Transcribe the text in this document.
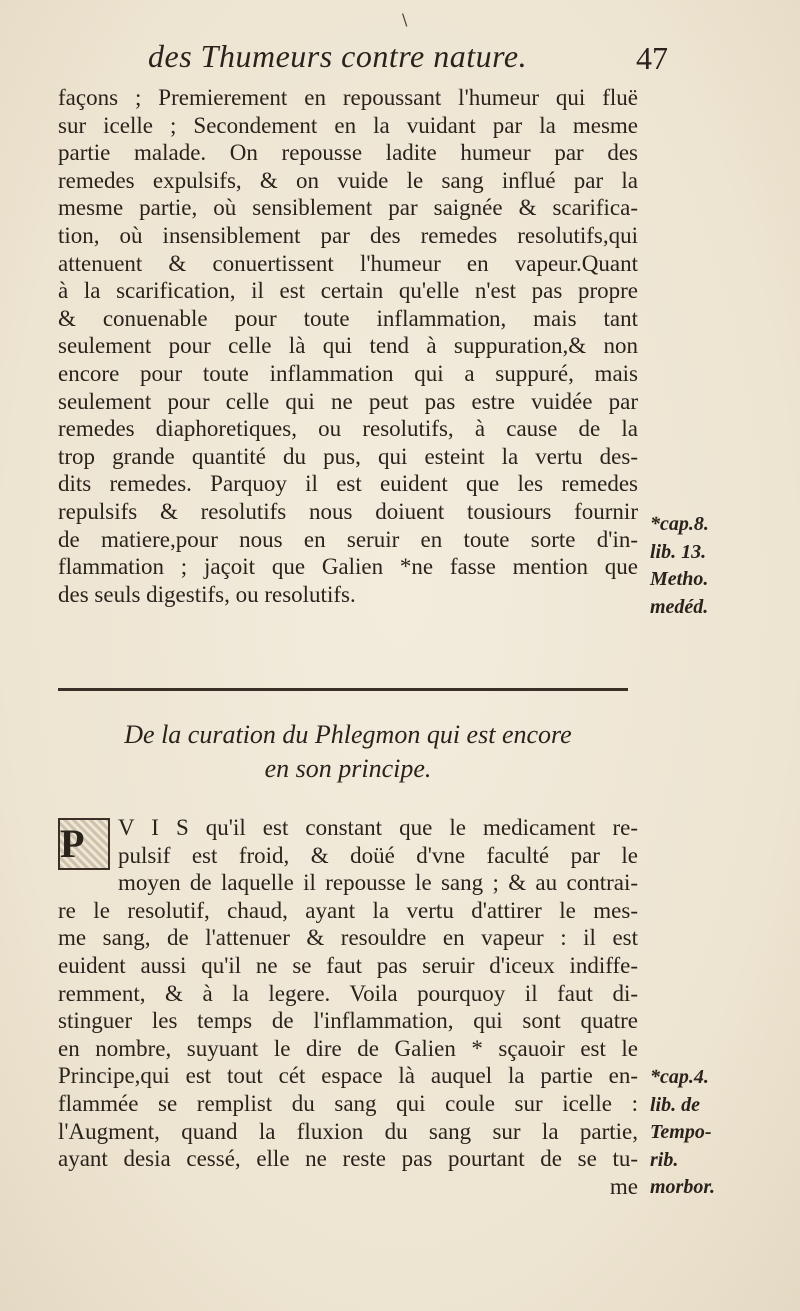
\
des Thumeurs contre nature.	47
façons ; Premierement en repoussant l'humeur qui fluë
sur icelle ; Secondement en la vuidant par la mesme
partie malade. On repousse ladite humeur par des
remedes expulsifs, & on vuide le sang influé par la
mesme partie, où sensiblement par saignée & scarifica-
tion, où insensiblement par des remedes resolutifs,qui
attenuent & conuertissent l'humeur en vapeur.Quant
à la scarification, il est certain qu'elle n'est pas propre
& conuenable pour toute inflammation, mais tant
seulement pour celle là qui tend à suppuration,& non
encore pour toute inflammation qui a suppuré, mais
seulement pour celle qui ne peut pas estre vuidée par
remedes diaphoretiques, ou resolutifs, à cause de la
trop grande quantité du pus, qui esteint la vertu des-
dits remedes. Parquoy il est euident que les remedes
repulsifs & resolutifs nous doiuent tousiours fournir
de matiere,pour nous en seruir en toute sorte d'in-
flammation ; jaçoit que Galien *ne fasse mention que
des seuls digestifs, ou resolutifs.
*cap.8.
lib. 13.
Metho.
medéd.
De la curation du Phlegmon qui est encore
en son principe.
P	V I S qu'il est constant que le medicament re-
pulsif est froid, & doüé d'vne faculté par le
moyen de laquelle il repousse le sang ; & au contrai-
re le resolutif, chaud, ayant la vertu d'attirer le mes-
me sang, de l'attenuer & resouldre en vapeur : il est
euident aussi qu'il ne se faut pas seruir d'iceux indiffe-
remment, & à la legere. Voila pourquoy il faut di-
stinguer les temps de l'inflammation, qui sont quatre
en nombre, suyuant le dire de Galien * sçauoir est le
Principe,qui est tout cét espace là auquel la partie en-
flammée se remplist du sang qui coule sur icelle :
l'Augment, quand la fluxion du sang sur la partie,
ayant desia cessé, elle ne reste pas pourtant de se tu-
me
*cap.4.
lib. de
Tempo-
rib.
morbor.
